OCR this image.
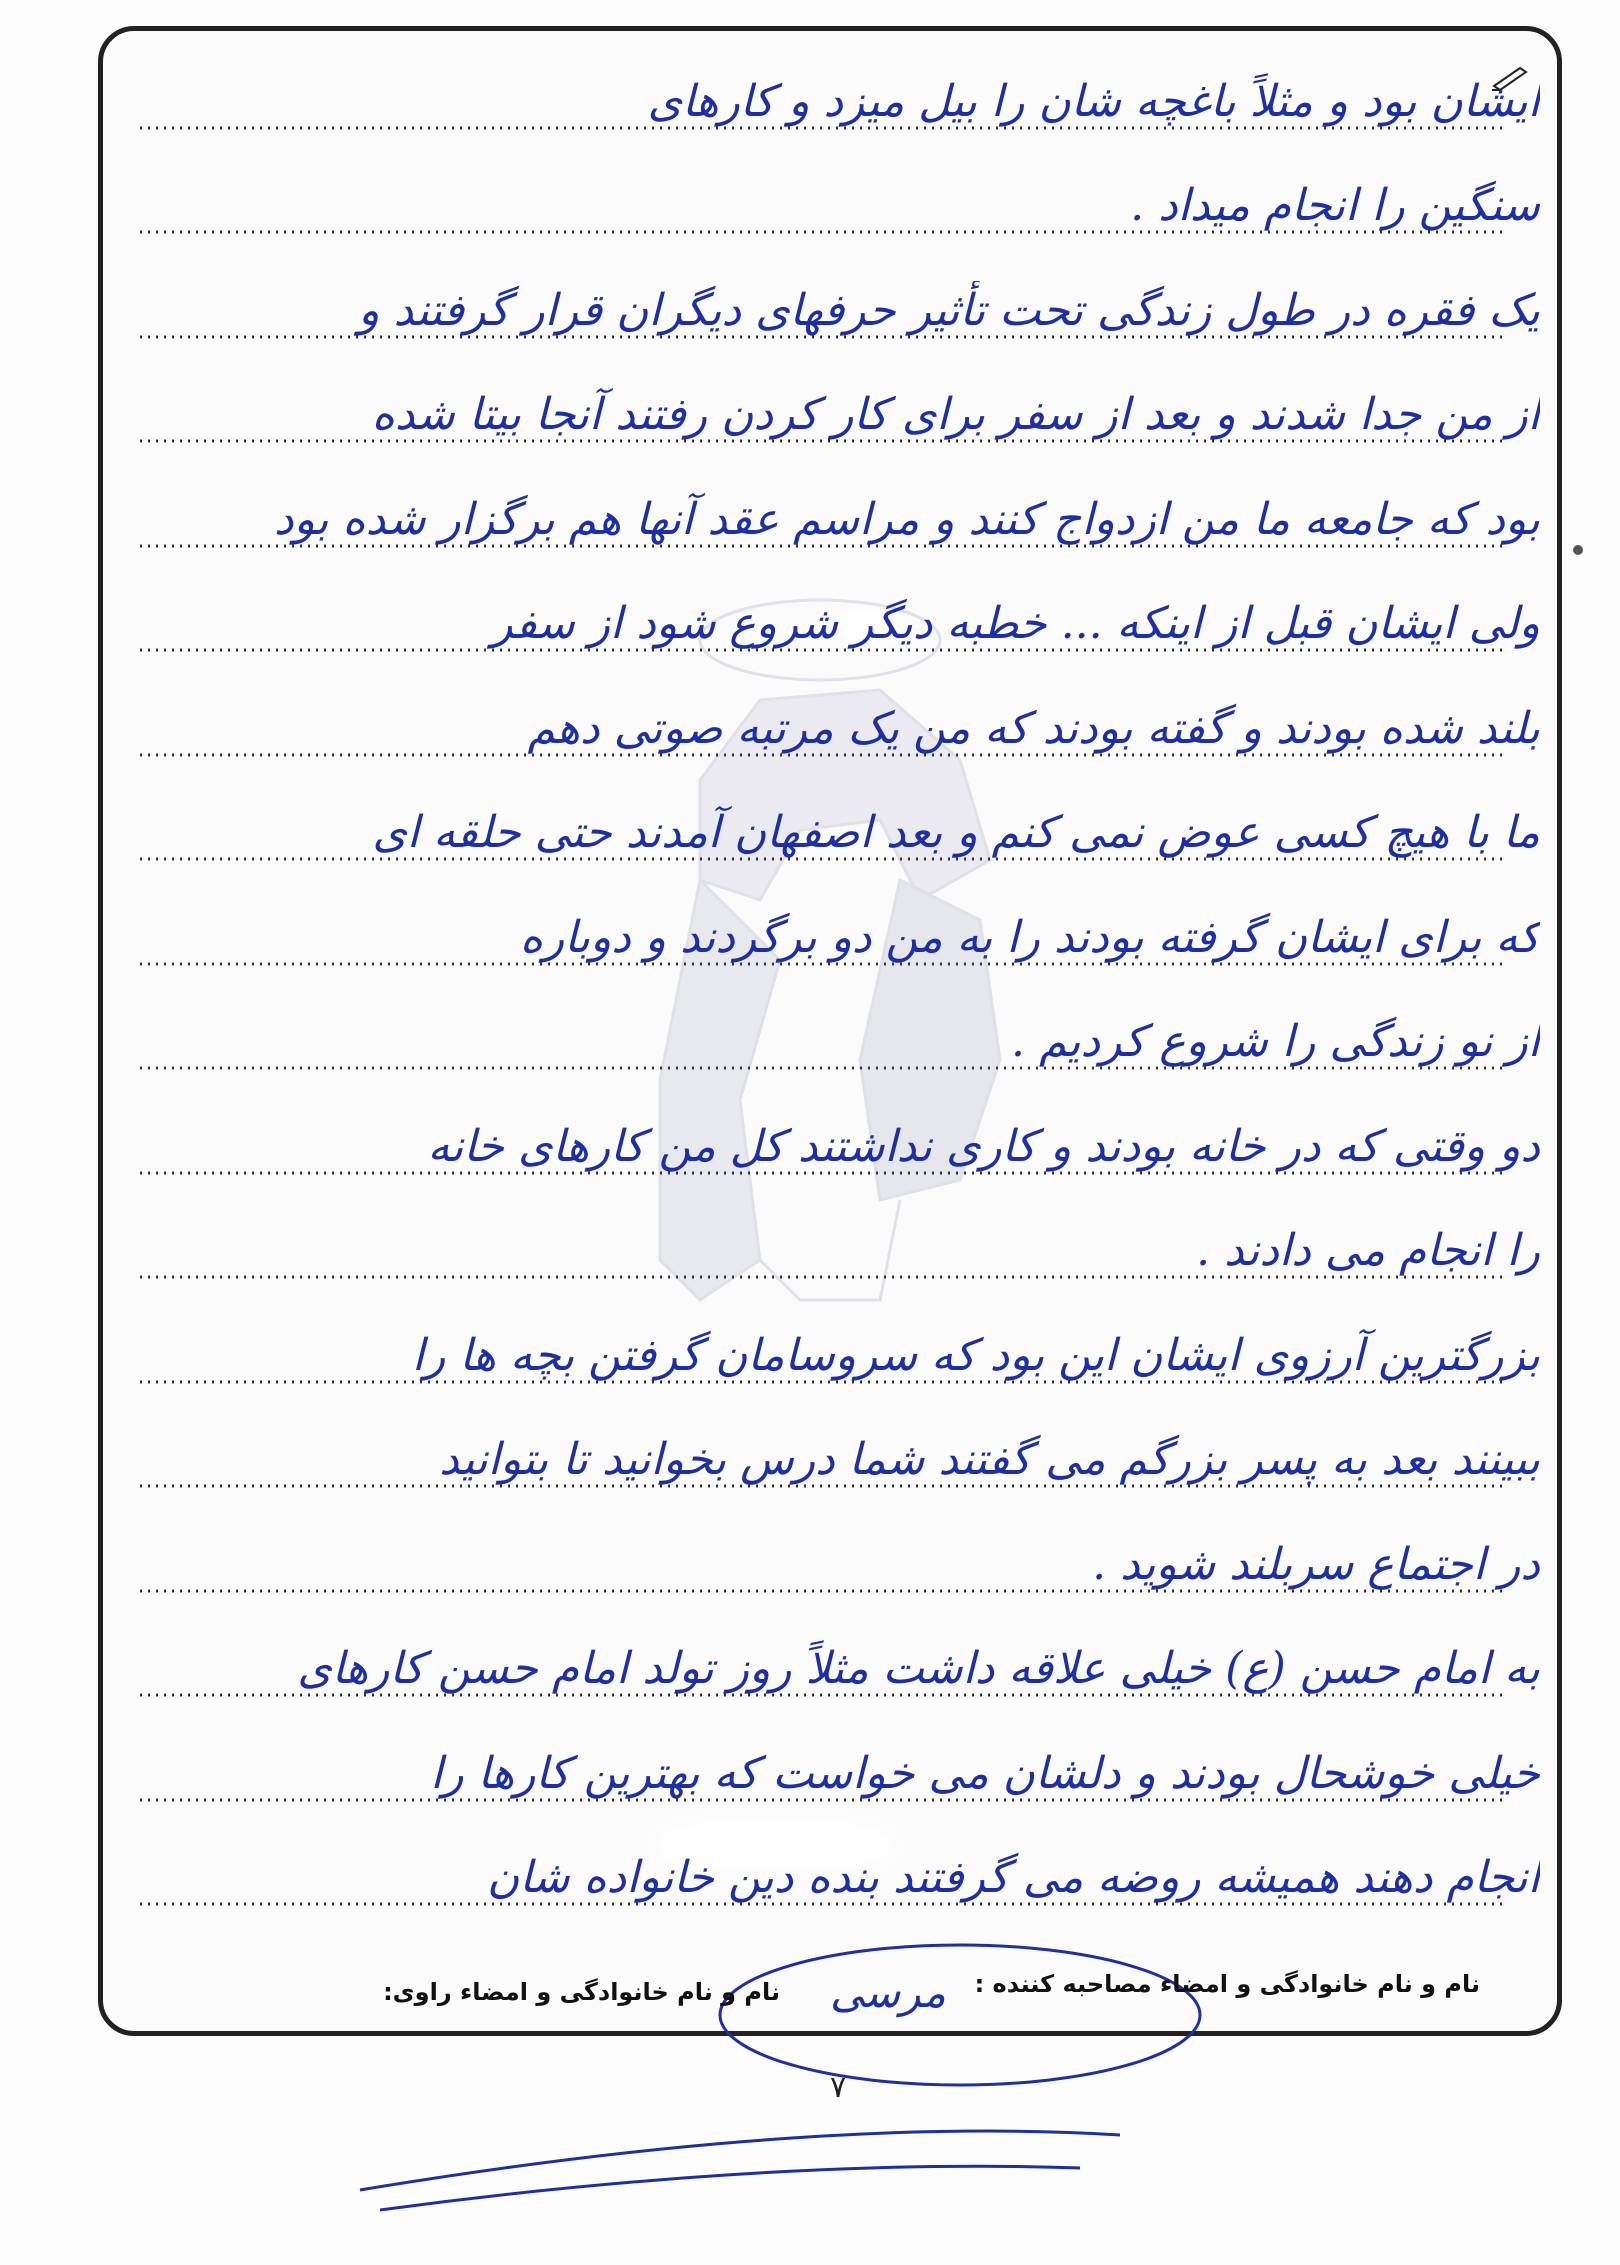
ایشان بود و مثلاً باغچه شان را بیل میزد و کارهای
سنگین را انجام میداد .
یک فقره در طول زندگی تحت تأثیر حرفهای دیگران قرار گرفتند و
از من جدا شدند و بعد از سفر برای کار کردن رفتند آنجا بیتا شده
بود که جامعه ما من ازدواج کنند و مراسم عقد آنها هم برگزار شده بود
ولی ایشان قبل از اینکه ... خطبه دیگر شروع شود از سفر
بلند شده بودند و گفته بودند که من یک مرتبه صوتی دهم
ما با هیچ کسی عوض نمی کنم و بعد اصفهان آمدند حتی حلقه ای
که برای ایشان گرفته بودند را به من دو برگردند و دوباره
از نو زندگی را شروع کردیم .
دو وقتی که در خانه بودند و کاری نداشتند کل من کارهای خانه
را انجام می دادند .
بزرگترین آرزوی ایشان این بود که سروسامان گرفتن بچه ها را
ببینند بعد به پسر بزرگم می گفتند شما درس بخوانید تا بتوانید
در اجتماع سربلند شوید .
به امام حسن (ع) خیلی علاقه داشت مثلاً روز تولد امام حسن کارهای
خیلی خوشحال بودند و دلشان می خواست که بهترین کارها را
انجام دهند همیشه روضه می گرفتند بنده دین خانواده شان
نام و نام خانوادگی و امضاء مصاحبه کننده :
نام و نام خانوادگی و امضاء راوی: مرسی
۷
